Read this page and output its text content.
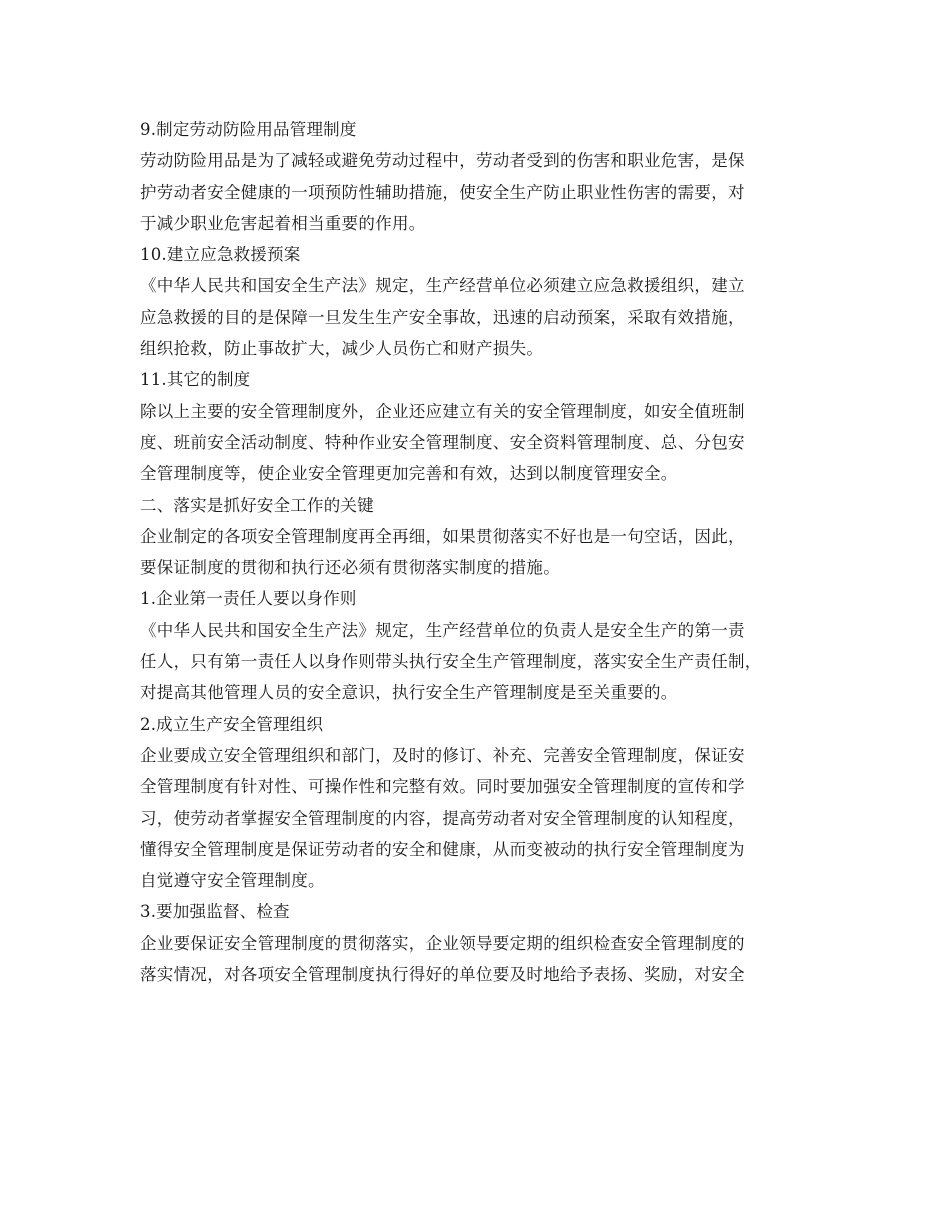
9.制定劳动防险用品管理制度
劳动防险用品是为了减轻或避免劳动过程中，劳动者受到的伤害和职业危害，是保
护劳动者安全健康的一项预防性辅助措施，使安全生产防止职业性伤害的需要，对
于减少职业危害起着相当重要的作用。
10.建立应急救援预案
《中华人民共和国安全生产法》规定，生产经营单位必须建立应急救援组织，建立
应急救援的目的是保障一旦发生生产安全事故，迅速的启动预案，采取有效措施，
组织抢救，防止事故扩大，减少人员伤亡和财产损失。
11.其它的制度
除以上主要的安全管理制度外，企业还应建立有关的安全管理制度，如安全值班制
度、班前安全活动制度、特种作业安全管理制度、安全资料管理制度、总、分包安
全管理制度等，使企业安全管理更加完善和有效，达到以制度管理安全。
二、落实是抓好安全工作的关键
企业制定的各项安全管理制度再全再细，如果贯彻落实不好也是一句空话，因此，
要保证制度的贯彻和执行还必须有贯彻落实制度的措施。
1.企业第一责任人要以身作则
《中华人民共和国安全生产法》规定，生产经营单位的负责人是安全生产的第一责
任人，只有第一责任人以身作则带头执行安全生产管理制度，落实安全生产责任制，
对提高其他管理人员的安全意识，执行安全生产管理制度是至关重要的。
2.成立生产安全管理组织
企业要成立安全管理组织和部门，及时的修订、补充、完善安全管理制度，保证安
全管理制度有针对性、可操作性和完整有效。同时要加强安全管理制度的宣传和学
习，使劳动者掌握安全管理制度的内容，提高劳动者对安全管理制度的认知程度，
懂得安全管理制度是保证劳动者的安全和健康，从而变被动的执行安全管理制度为
自觉遵守安全管理制度。
3.要加强监督、检查
企业要保证安全管理制度的贯彻落实，企业领导要定期的组织检查安全管理制度的
落实情况，对各项安全管理制度执行得好的单位要及时地给予表扬、奖励，对安全
